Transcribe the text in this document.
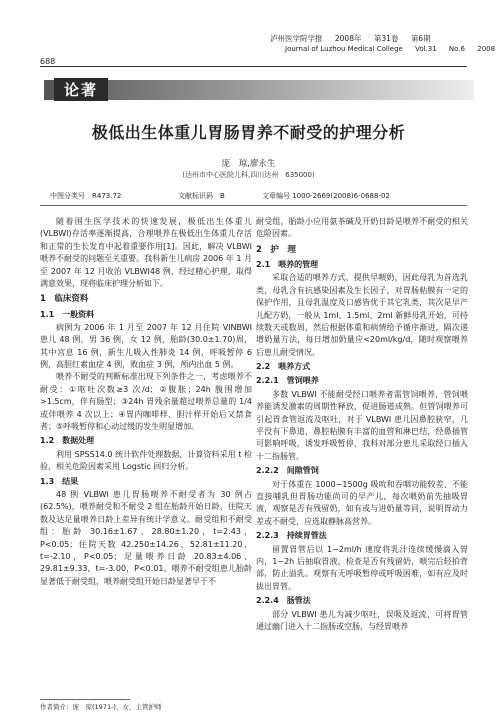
泸州医学院学报 2008年 第31卷 第6期
688
Journal of Luzhou Medical College Vol.31 No.6 2008
论著
极低出生体重儿胃肠胃养不耐受的护理分析
庞　琼,廖永生
(达州市中心医院儿科,四川达州　635000)
中图分类号　R473.72	文献标识码　B	文章编号 1000-2669(2008)6-0688-02

随着围生医学技术的快速发展，极低出生体重儿(VLBWI)存活率逐渐提高，合理喂养在极低出生体重儿存活和正常的生长发育中起着重要作用[1]。因此，解决 VLBWI 喂养不耐受的问题至关重要。我科新生儿病房 2006 年 1 月至 2007 年 12 月收治 VLBWI48 例，经过精心护理，取得满意效果，现将临床护理分析如下。

1　临床资料
1.1　一般资料

病例为 2006 年 1 月至 2007 年 12 月住院 VINBWI 患儿 48 例，男 36 例，女 12 例，胎龄(30.0±1.70)周，其中宫息 16 例，新生儿吸入性肺炎 14 例，呼吸暂停 6 例，高胆红素血症 4 例，败血症 3 例，颅内出血 5 例。

喂养不耐受的判断标准出现下列条件之一，考虑喂养不耐受：①呕吐次数≥3 次/d；②腹胀；24h 腹围增加>1.5cm，伴有肠型；③24h 胃残余量超过喂养总量的 1/4 或伴喂养 4 次以上；④胃内咖啡样、胆汁样开始后又禁食者；⑤呼吸暂停和心动过缓的发生明显增加。

1.2　数据处理

利用 SPSS14.0 统计软件处理数据，计算资料采用 t 检验，相关危险因素采用 Logstic 回归分析。

1.3　结果

48 例 VLBWI 患儿胃肠喂养不耐受者为 30 例占 (62.5%)，喂养耐受和不耐受 2 组在胎龄开始日龄、住院天数及达足量喂养日龄上差异有统计学意义。耐受组和不耐受组：胎龄 30.16±1.67、28.80±1.20，t=2.43，P<0.05；住院天数 42.250±14.26、52.81±11.20，t=-2.10，P<0.05；足量喂养日龄 20.83±4.06、29.81±9.33，t=-3.00，P<0.01。喂养不耐受组患儿胎龄显著低于耐受组，喂养耐受组开始日龄显著早于不

耐受组，胎龄小应用氨茶碱及开奶日龄是喂养不耐受的相关危险因素。

2　护　理
2.1　喂养的管理

采取合适的喂养方式，提供早喂奶，因此母乳为首选乳类，母乳含有抗感染因素及生长因子，对胃肠粘膜有一定的保护作用，且母乳温度及口感皆优于其它乳类，其次是早产儿配方奶，一般从 1ml、1.5ml、2ml 新鲜母乳开始，可持续数天或数周，然后根据体重和病情给予循序渐进，隔次递增奶量方法，每日增加奶量应<20ml/kg/d，随时观察喂养后患儿耐受情况。

2.2　喂养方式
2.2.1　管饲喂养

多数 VLBWI 不能耐受经口喂养者需管饲喂养，管饲喂养能诱发激素的周期性释放，促进肠道成熟。但管饲喂养可引起胃食管返流及呕吐，对于 VLBWI 患儿因鼻腔狭窄，几乎没有下鼻道，鼻腔粘膜有丰富的血管和淋巴结，经鼻插管可影响呼吸，诱发呼吸暂停，我科对部分患儿采取经口插入十二指肠管。

2.2.2　间隙管饲

对于体重在 1000~1500g 吸吮和吞咽功能较差、不能直接哺乳但胃肠功能尚可的早产儿，每次喂奶前先抽吸胃液，观察是否有残留奶，如有或与进奶量等同，说明胃动力差或不耐受，应选取静脉高营养。

2.2.3　持续胃管法

留置胃管后以 1~2ml/h 速度将乳汁连续缓慢滴入胃内，1~2h 后抽取胃液，检查是否有残留奶，喂完后轻拍背部，防止溢乳。观察有无呼吸暂停或呼吸困难，如有应及时拔出胃管。

2.2.4　肠管法

部分 VLBWI 患儿为减少呕吐，误吸及返流，可将胃管通过幽门进入十二指肠或空肠，与经胃喂养

作者简介：庞　琼(1971-)，女，主管护师
